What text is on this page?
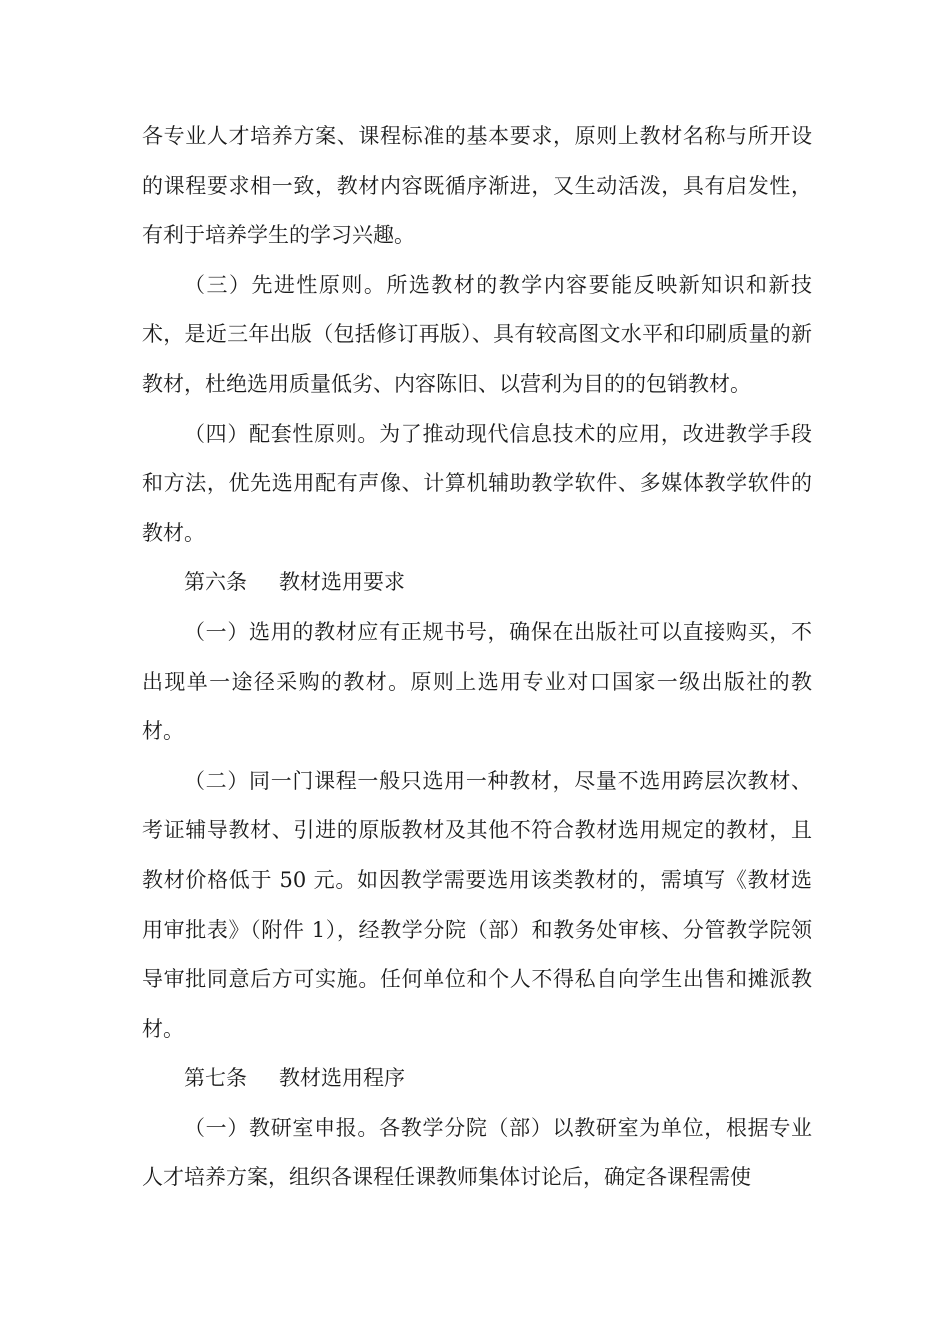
各专业人才培养方案、课程标准的基本要求，原则上教材名称与所开设的课程要求相一致，教材内容既循序渐进，又生动活泼，具有启发性，有利于培养学生的学习兴趣。

（三）先进性原则。所选教材的教学内容要能反映新知识和新技术，是近三年出版（包括修订再版）、具有较高图文水平和印刷质量的新教材，杜绝选用质量低劣、内容陈旧、以营利为目的的包销教材。

（四）配套性原则。为了推动现代信息技术的应用，改进教学手段和方法，优先选用配有声像、计算机辅助教学软件、多媒体教学软件的教材。

第六条 教材选用要求

（一）选用的教材应有正规书号，确保在出版社可以直接购买，不出现单一途径采购的教材。原则上选用专业对口国家一级出版社的教材。

（二）同一门课程一般只选用一种教材，尽量不选用跨层次教材、考证辅导教材、引进的原版教材及其他不符合教材选用规定的教材，且教材价格低于 50 元。如因教学需要选用该类教材的，需填写《教材选用审批表》（附件 1），经教学分院（部）和教务处审核、分管教学院领导审批同意后方可实施。任何单位和个人不得私自向学生出售和摊派教材。

第七条 教材选用程序

（一）教研室申报。各教学分院（部）以教研室为单位，根据专业人才培养方案，组织各课程任课教师集体讨论后，确定各课程需使
